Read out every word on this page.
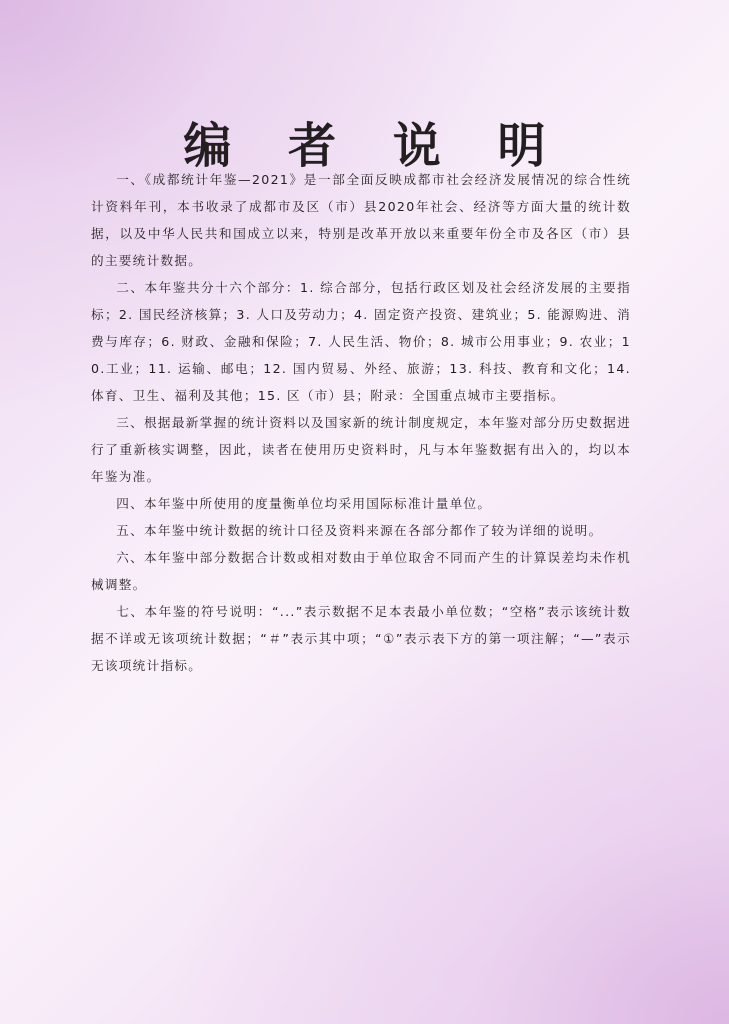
编 者 说 明

一、《成都统计年鉴—2021》是一部全面反映成都市社会经济发展情况的综合性统计资料年刊，本书收录了成都市及区（市）县2020年社会、经济等方面大量的统计数据，以及中华人民共和国成立以来，特别是改革开放以来重要年份全市及各区（市）县的主要统计数据。

二、本年鉴共分十六个部分：1. 综合部分，包括行政区划及社会经济发展的主要指标；2. 国民经济核算；3. 人口及劳动力；4. 固定资产投资、建筑业；5. 能源购进、消费与库存；6. 财政、金融和保险；7. 人民生活、物价；8. 城市公用事业；9. 农业；10.工业；11. 运输、邮电；12. 国内贸易、外经、旅游；13. 科技、教育和文化；14. 体育、卫生、福利及其他；15. 区（市）县；附录：全国重点城市主要指标。

三、根据最新掌握的统计资料以及国家新的统计制度规定，本年鉴对部分历史数据进行了重新核实调整，因此，读者在使用历史资料时，凡与本年鉴数据有出入的，均以本年鉴为准。

四、本年鉴中所使用的度量衡单位均采用国际标准计量单位。

五、本年鉴中统计数据的统计口径及资料来源在各部分都作了较为详细的说明。

六、本年鉴中部分数据合计数或相对数由于单位取舍不同而产生的计算误差均未作机械调整。

七、本年鉴的符号说明：“...”表示数据不足本表最小单位数；“空格”表示该统计数据不详或无该项统计数据；“＃”表示其中项；“①”表示表下方的第一项注解；“—”表示无该项统计指标。
